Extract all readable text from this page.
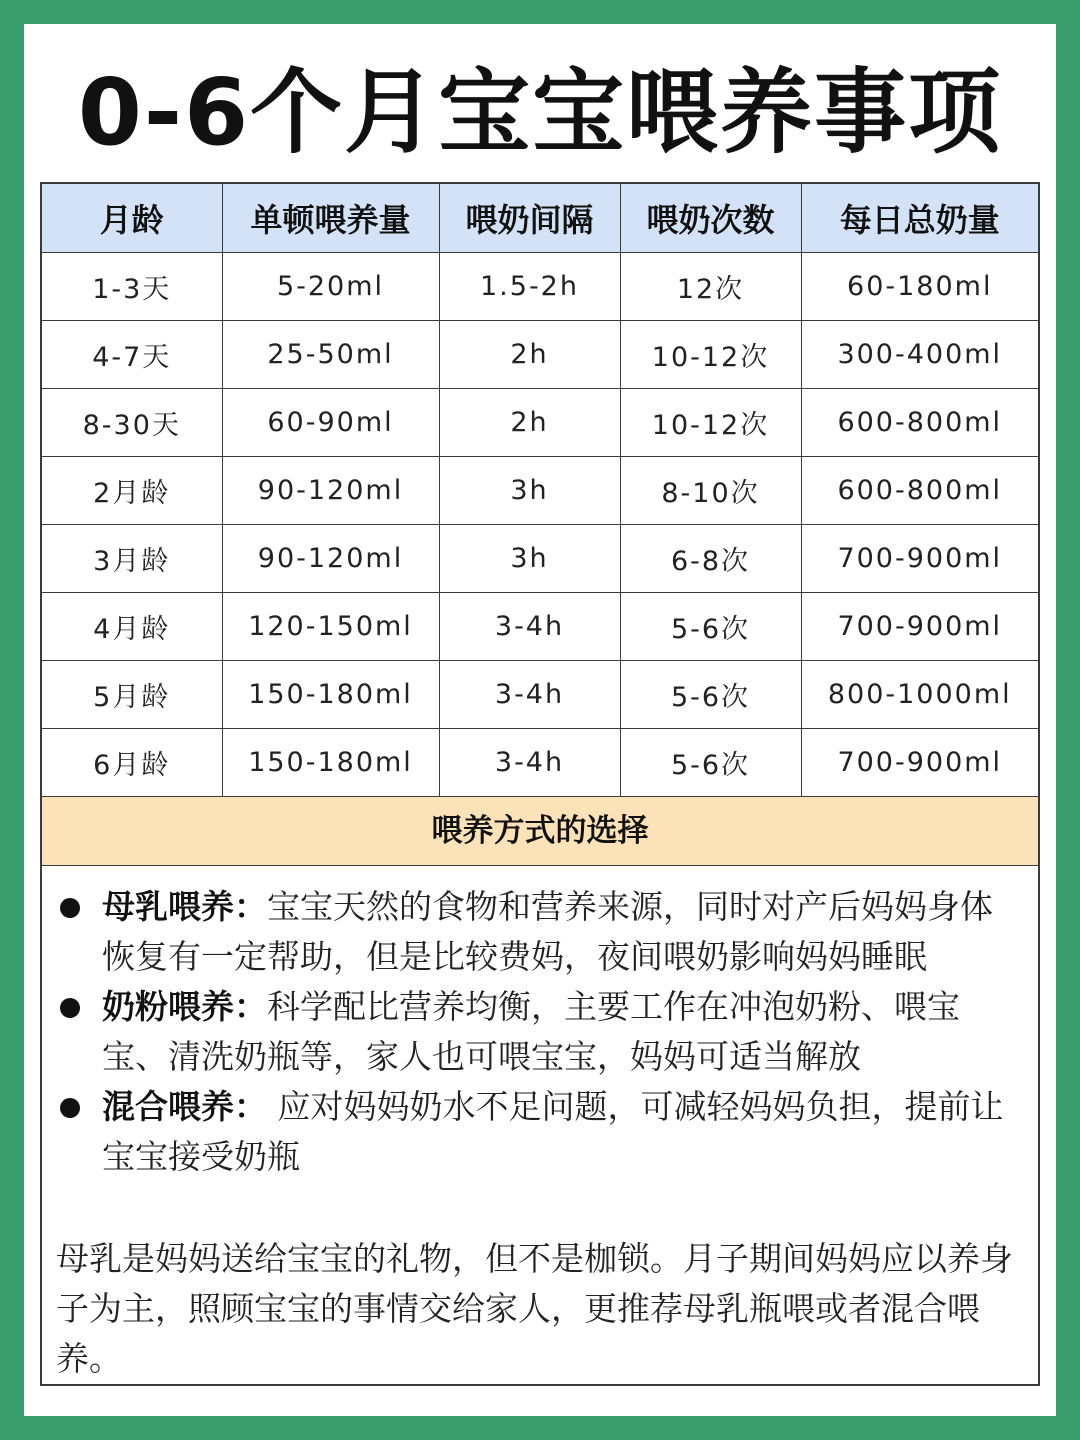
0-6个月宝宝喂养事项
月龄	单顿喂养量	喂奶间隔	喂奶次数	每日总奶量
1-3天	5-20ml	1.5-2h	12次	60-180ml
4-7天	25-50ml	2h	10-12次	300-400ml
8-30天	60-90ml	2h	10-12次	600-800ml
2月龄	90-120ml	3h	8-10次	600-800ml
3月龄	90-120ml	3h	6-8次	700-900ml
4月龄	120-150ml	3-4h	5-6次	700-900ml
5月龄	150-180ml	3-4h	5-6次	800-1000ml
6月龄	150-180ml	3-4h	5-6次	700-900ml
喂养方式的选择
母乳喂养：宝宝天然的食物和营养来源，同时对产后妈妈身体恢复有一定帮助，但是比较费妈，夜间喂奶影响妈妈睡眠
奶粉喂养：科学配比营养均衡，主要工作在冲泡奶粉、喂宝宝、清洗奶瓶等，家人也可喂宝宝，妈妈可适当解放
混合喂养： 应对妈妈奶水不足问题，可减轻妈妈负担，提前让宝宝接受奶瓶
母乳是妈妈送给宝宝的礼物，但不是枷锁。月子期间妈妈应以养身子为主，照顾宝宝的事情交给家人，更推荐母乳瓶喂或者混合喂养。
